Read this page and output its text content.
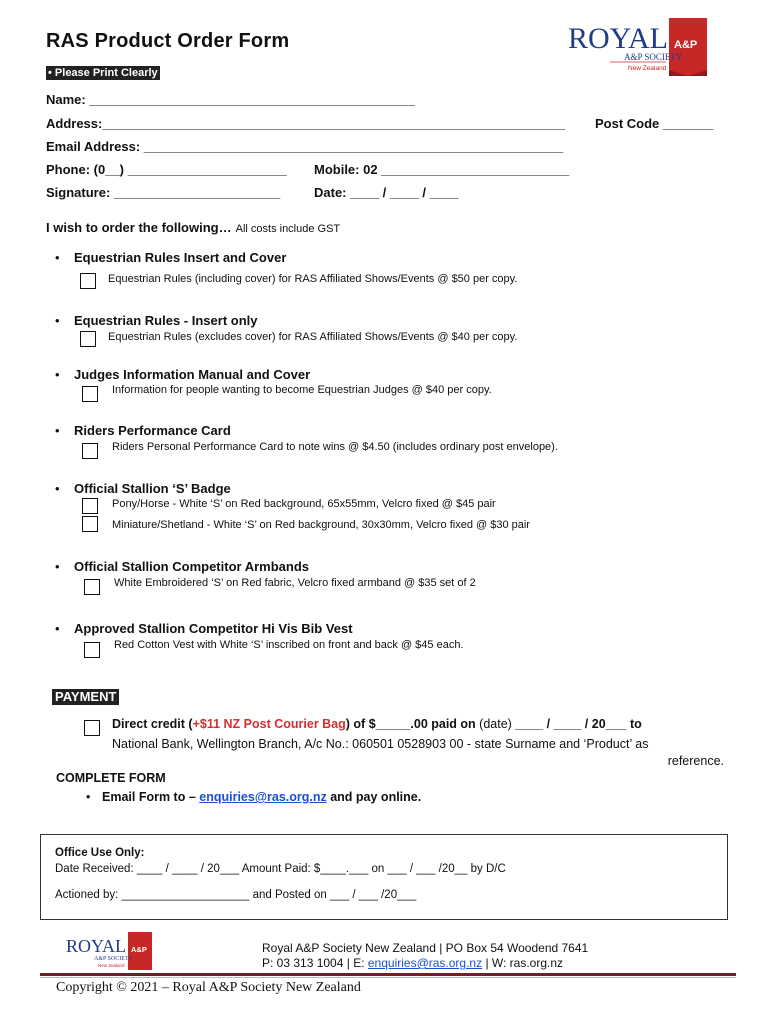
RAS Product Order Form
• Please Print Clearly
ROYAL A&P
A&P SOCIETY
New Zealand
Name: _____________________________________________
Address:________________________________________________________________ Post Code _______
Email Address: __________________________________________________________
Phone: (0__) ______________________ Mobile: 02 __________________________
Signature: _______________________	Date: ____ / ____ / ____
I wish to order the following… All costs include GST
• Equestrian Rules Insert and Cover
Equestrian Rules (including cover) for RAS Affiliated Shows/Events @ $50 per copy.
• Equestrian Rules - Insert only
Equestrian Rules (excludes cover) for RAS Affiliated Shows/Events @ $40 per copy.
• Judges Information Manual and Cover
Information for people wanting to become Equestrian Judges @ $40 per copy.
• Riders Performance Card
Riders Personal Performance Card to note wins @ $4.50 (includes ordinary post envelope).
• Official Stallion ‘S’ Badge
Pony/Horse - White ‘S’ on Red background, 65x55mm, Velcro fixed @ $45 pair
Miniature/Shetland - White ‘S’ on Red background, 30x30mm, Velcro fixed @ $30 pair
• Official Stallion Competitor Armbands
White Embroidered ‘S’ on Red fabric, Velcro fixed armband @ $35 set of 2
• Approved Stallion Competitor Hi Vis Bib Vest
Red Cotton Vest with White ‘S’ inscribed on front and back @ $45 each.
PAYMENT
Direct credit (+$11 NZ Post Courier Bag) of $_____.00 paid on (date) ____ / ____ / 20___ to
National Bank, Wellington Branch, A/c No.: 060501 0528903 00 - state Surname and ‘Product’ as
reference.
COMPLETE FORM
• Email Form to – enquiries@ras.org.nz and pay online.
Office Use Only:
Date Received: ____ / ____ / 20___ Amount Paid: $____.___ on ___ / ___ /20__ by D/C
Actioned by: ____________________ and Posted on ___ / ___ /20___
ROYAL A&P
A&P SOCIETY
New Zealand
Royal A&P Society New Zealand | PO Box 54 Woodend 7641
P: 03 313 1004 | E: enquiries@ras.org.nz | W: ras.org.nz
Copyright © 2021 – Royal A&P Society New Zealand
